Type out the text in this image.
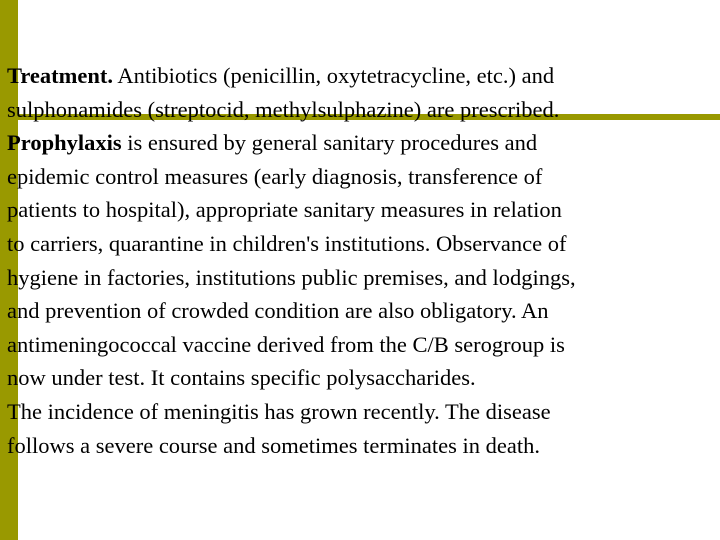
Treatment. Antibiotics (penicillin, oxytetracycline, etc.) and

sulphonamides (streptocid, methylsulphazine) are prescribed.

Prophylaxis is ensured by general sanitary procedures and

epidemic control measures (early diagnosis, transference of

patients to hospital), appropriate sanitary measures in relation

to carriers, quarantine in children's institutions. Observance of

hygiene in factories, institutions public premises, and lodgings,

and prevention of crowded condition are also obligatory. An

antimeningococcal vaccine derived from the C/B serogroup is

now under test. It contains specific polysaccharides.

The incidence of meningitis has grown recently. The disease

follows a severe course and sometimes terminates in death.
